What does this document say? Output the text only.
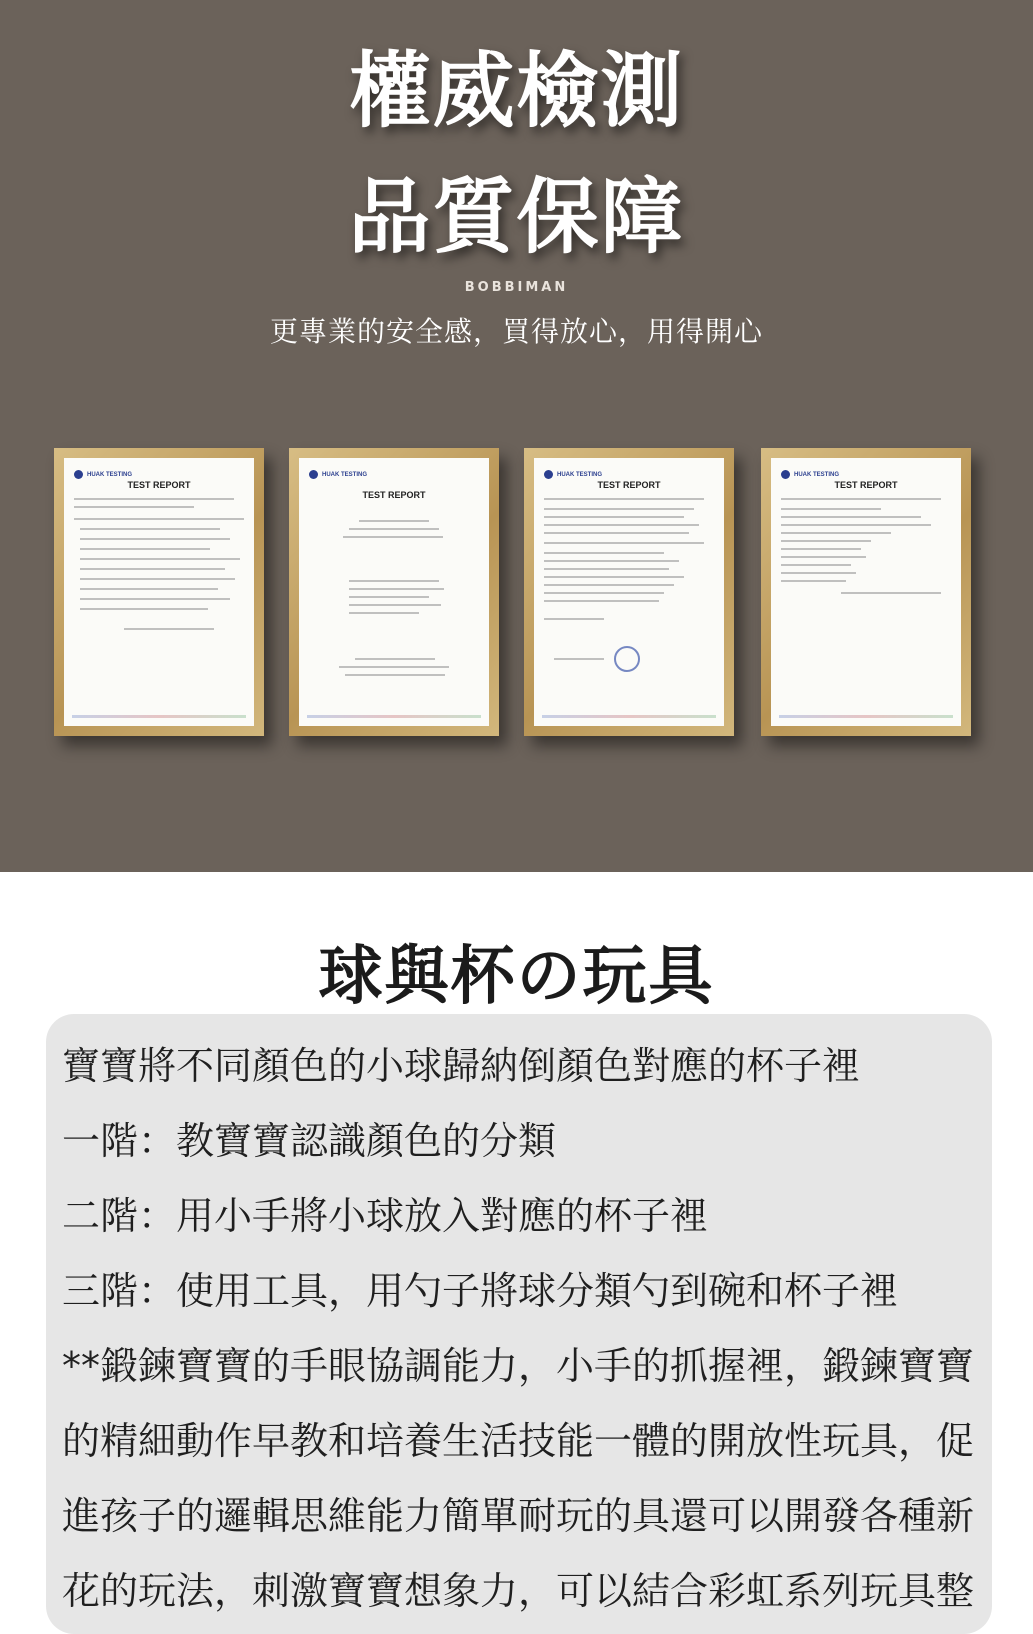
權威檢測
品質保障
BOBBIMAN
更專業的安全感，買得放心，用得開心
HUAK TESTING
TEST REPORT
HUAK TESTING
TEST REPORT
HUAK TESTING
TEST REPORT
HUAK TESTING
TEST REPORT
球與杯の玩具
寶寶將不同顏色的小球歸納倒顏色對應的杯子裡
一階：教寶寶認識顏色的分類
二階：用小手將小球放入對應的杯子裡
三階：使用工具，用勺子將球分類勺到碗和杯子裡
**鍛鍊寶寶的手眼協調能力，小手的抓握裡，鍛鍊寶寶
的精細動作早教和培養生活技能一體的開放性玩具，促
進孩子的邏輯思維能力簡單耐玩的具還可以開發各種新
花的玩法，刺激寶寶想象力，可以結合彩虹系列玩具整
